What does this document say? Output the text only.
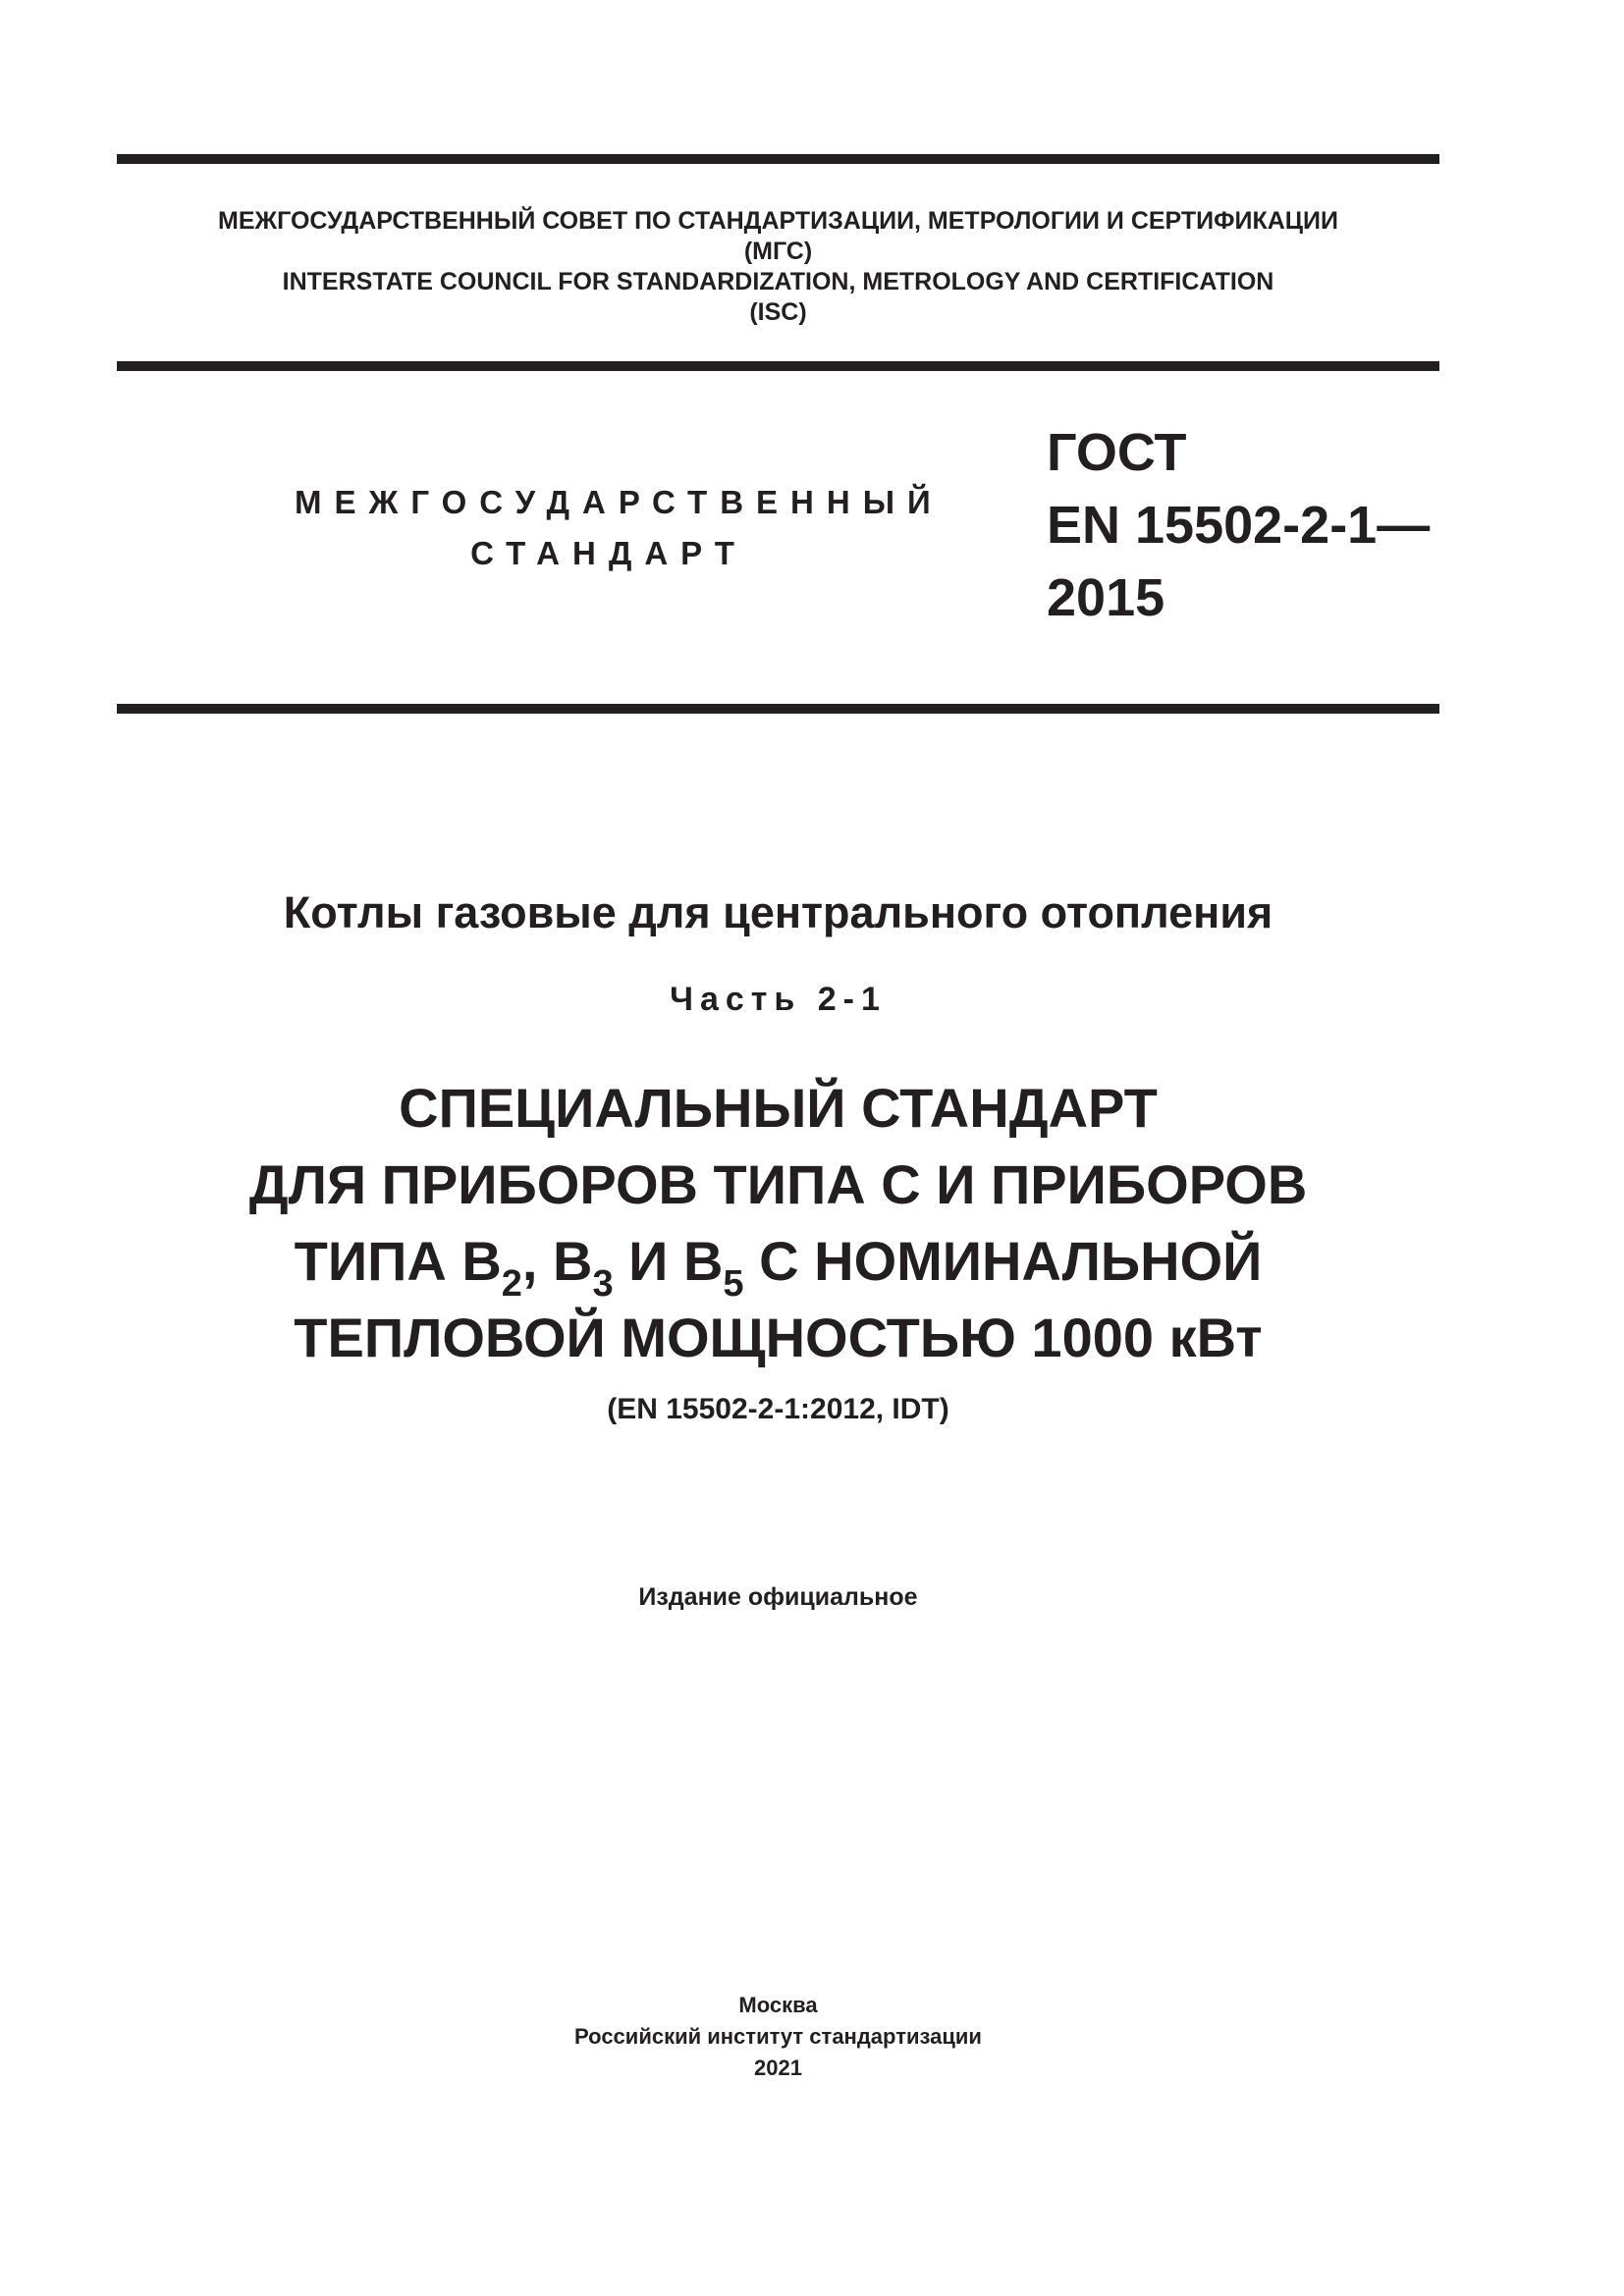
МЕЖГОСУДАРСТВЕННЫЙ СОВЕТ ПО СТАНДАРТИЗАЦИИ, МЕТРОЛОГИИ И СЕРТИФИКАЦИИ
(МГС)
INTERSTATE COUNCIL FOR STANDARDIZATION, METROLOGY AND CERTIFICATION
(ISC)
МЕЖГОСУДАРСТВЕННЫЙ
СТАНДАРТ
ГОСТ
EN 15502-2-1—
2015
Котлы газовые для центрального отопления
Часть 2-1
СПЕЦИАЛЬНЫЙ СТАНДАРТ
ДЛЯ ПРИБОРОВ ТИПА С И ПРИБОРОВ
ТИПА $В_2$, $В_3$ И $В_5$ С НОМИНАЛЬНОЙ
ТЕПЛОВОЙ МОЩНОСТЬЮ 1000 кВт
(EN 15502-2-1:2012, IDT)
Издание официальное
Москва
Российский институт стандартизации
2021
